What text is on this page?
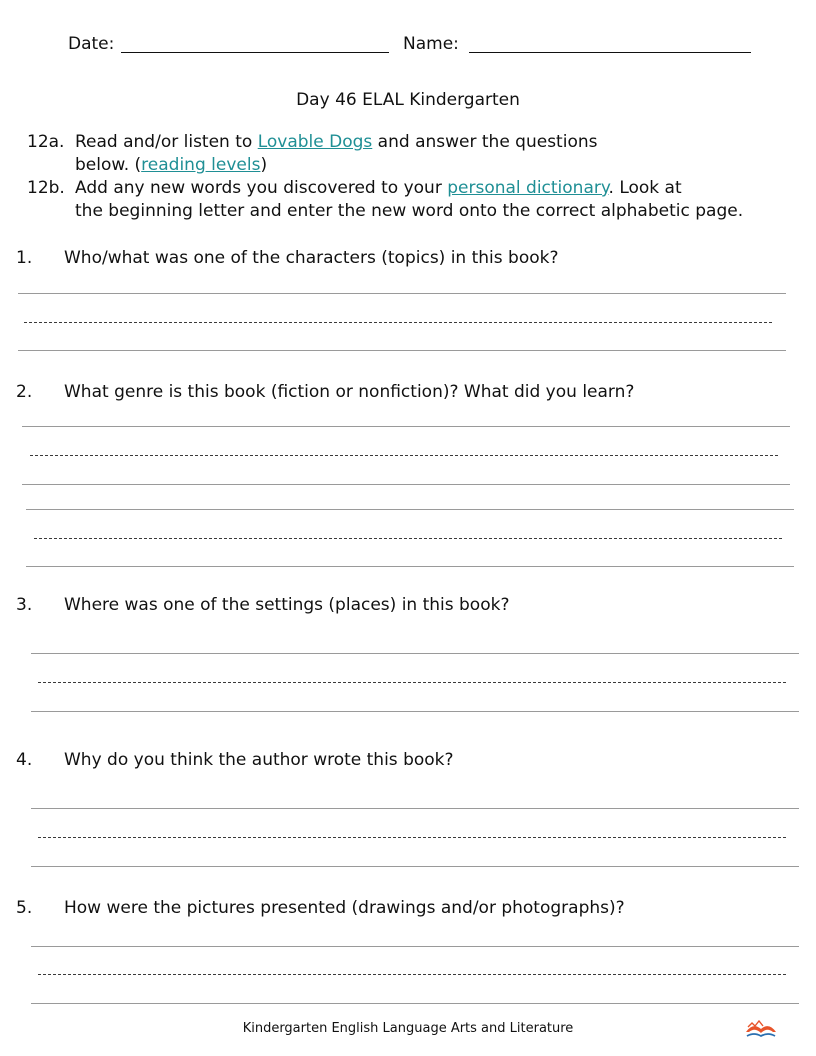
Date:	Name:
Day 46 ELAL Kindergarten
12a. Read and/or listen to Lovable Dogs and answer the questions
below. (reading levels)
12b. Add any new words you discovered to your personal dictionary. Look at
the beginning letter and enter the new word onto the correct alphabetic page.
1. Who/what was one of the characters (topics) in this book?
2. What genre is this book (fiction or nonfiction)? What did you learn?
3. Where was one of the settings (places) in this book?
4. Why do you think the author wrote this book?
5. How were the pictures presented (drawings and/or photographs)?
Kindergarten English Language Arts and Literature
